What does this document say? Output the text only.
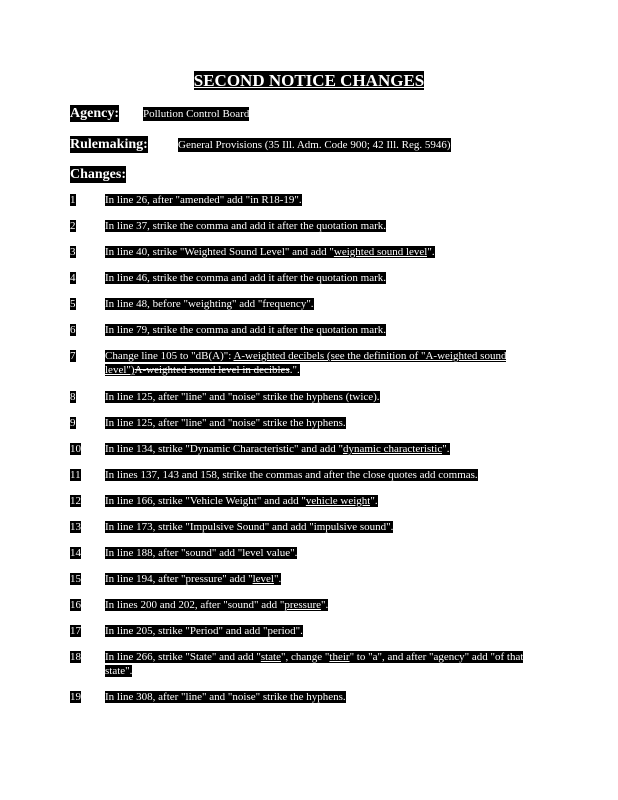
SECOND NOTICE CHANGES
Agency: Pollution Control Board
Rulemaking:	General Provisions (35 Ill. Adm. Code 900; 42 Ill. Reg. 5946)
Changes:
1	In line 26, after "amended" add "in R18-19".
2	In line 37, strike the comma and add it after the quotation mark.
3	In line 40, strike "Weighted Sound Level" and add "weighted sound level".
4	In line 46, strike the comma and add it after the quotation mark.
5	In line 48, before "weighting" add "frequency".
6	In line 79, strike the comma and add it after the quotation mark.
7	Change line 105 to "dB(A)": A-weighted decibels (see the definition of "A-weighted sound level")A-weighted sound level in decibles.".
8	In line 125, after "line" and "noise" strike the hyphens (twice).
9	In line 125, after "line" and "noise" strike the hyphens.
10	In line 134, strike "Dynamic Characteristic" and add "dynamic characteristic".
11	In lines 137, 143 and 158, strike the commas and after the close quotes add commas.
12	In line 166, strike "Vehicle Weight" and add "vehicle weight".
13	In line 173, strike "Impulsive Sound" and add "impulsive sound".
14	In line 188, after "sound" add "level value".
15	In line 194, after "pressure" add "level".
16	In lines 200 and 202, after "sound" add "pressure".
17	In line 205, strike "Period" and add "period".
18	In line 266, strike "State" and add "state", change "their" to "a", and after "agency" add "of that state".
19	In line 308, after "line" and "noise" strike the hyphens.
